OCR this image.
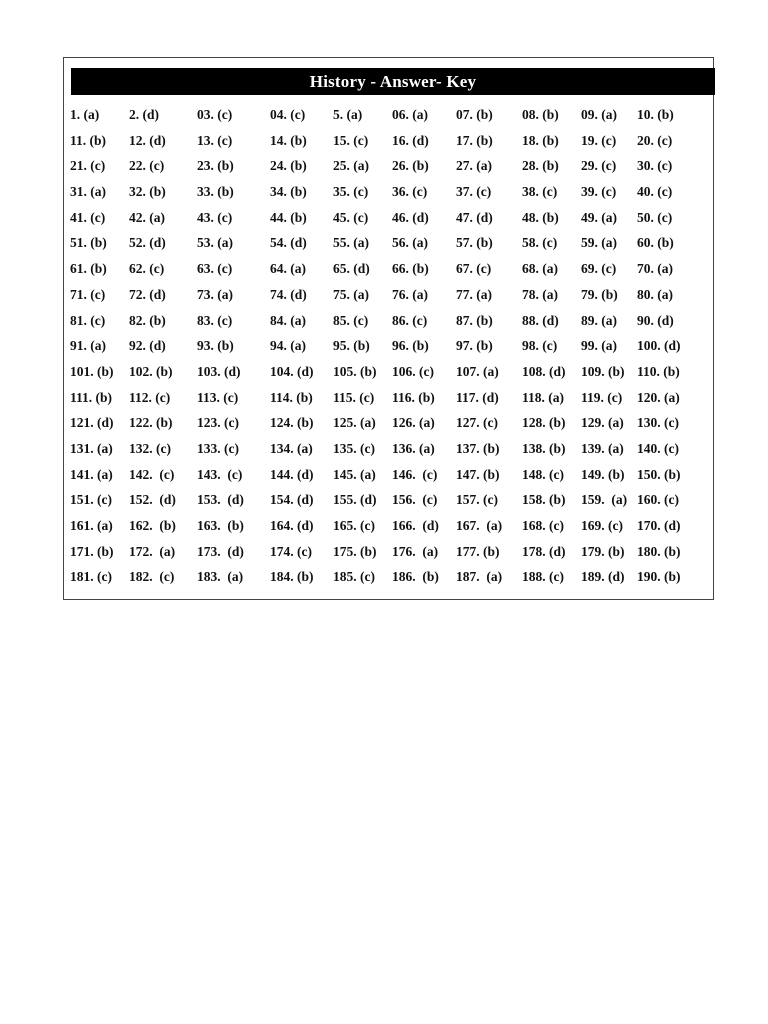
History - Answer- Key
1. (a) 2. (d)	03. (c)	04. (c) 5. (a) 06. (a) 07. (b) 08. (b) 09. (a) 10. (b)
11. (b) 12. (d) 13. (c)	14. (b) 15. (c) 16. (d) 17. (b) 18. (b) 19. (c) 20. (c)
21. (c) 22. (c) 23. (b)	24. (b) 25. (a) 26. (b) 27. (a) 28. (b) 29. (c) 30. (c)
31. (a) 32. (b) 33. (b)	34. (b) 35. (c) 36. (c) 37. (c) 38. (c) 39. (c) 40. (c)
41. (c) 42. (a) 43. (c)	44. (b) 45. (c) 46. (d) 47. (d) 48. (b) 49. (a) 50. (c)
51. (b) 52. (d) 53. (a)	54. (d) 55. (a) 56. (a) 57. (b) 58. (c) 59. (a) 60. (b)
61. (b) 62. (c) 63. (c)	64. (a) 65. (d) 66. (b) 67. (c) 68. (a) 69. (c) 70. (a)
71. (c) 72. (d) 73. (a)	74. (d) 75. (a) 76. (a) 77. (a) 78. (a) 79. (b) 80. (a)
81. (c) 82. (b) 83. (c)	84. (a) 85. (c) 86. (c) 87. (b) 88. (d) 89. (a) 90. (d)
91. (a) 92. (d) 93. (b)	94. (a) 95. (b) 96. (b) 97. (b) 98. (c) 99. (a) 100. (d)
101. (b) 102. (b) 103. (d) 104. (d) 105. (b) 106. (c) 107. (a) 108. (d) 109. (b) 110. (b)
111. (b) 112. (c) 113. (c) 114. (b) 115. (c) 116. (b) 117. (d) 118. (a) 119. (c) 120. (a)
121. (d) 122. (b) 123. (c) 124. (b) 125. (a) 126. (a) 127. (c) 128. (b) 129. (a) 130. (c)
131. (a) 132. (c) 133. (c) 134. (a) 135. (c) 136. (a) 137. (b) 138. (b) 139. (a) 140. (c)
141. (a) 142.  (c) 143.  (c) 144. (d) 145. (a) 146.  (c) 147. (b) 148. (c) 149. (b) 150. (b)
151. (c) 152.  (d) 153.  (d) 154. (d) 155. (d) 156.  (c) 157. (c) 158. (b) 159.  (a) 160. (c)
161. (a) 162.  (b) 163.  (b) 164. (d) 165. (c) 166.  (d) 167.  (a) 168. (c) 169. (c) 170. (d)
171. (b) 172.  (a) 173.  (d) 174. (c) 175. (b) 176.  (a) 177. (b) 178. (d) 179. (b) 180. (b)
181. (c) 182.  (c) 183.  (a) 184. (b) 185. (c) 186.  (b) 187.  (a) 188. (c) 189. (d) 190. (b)
